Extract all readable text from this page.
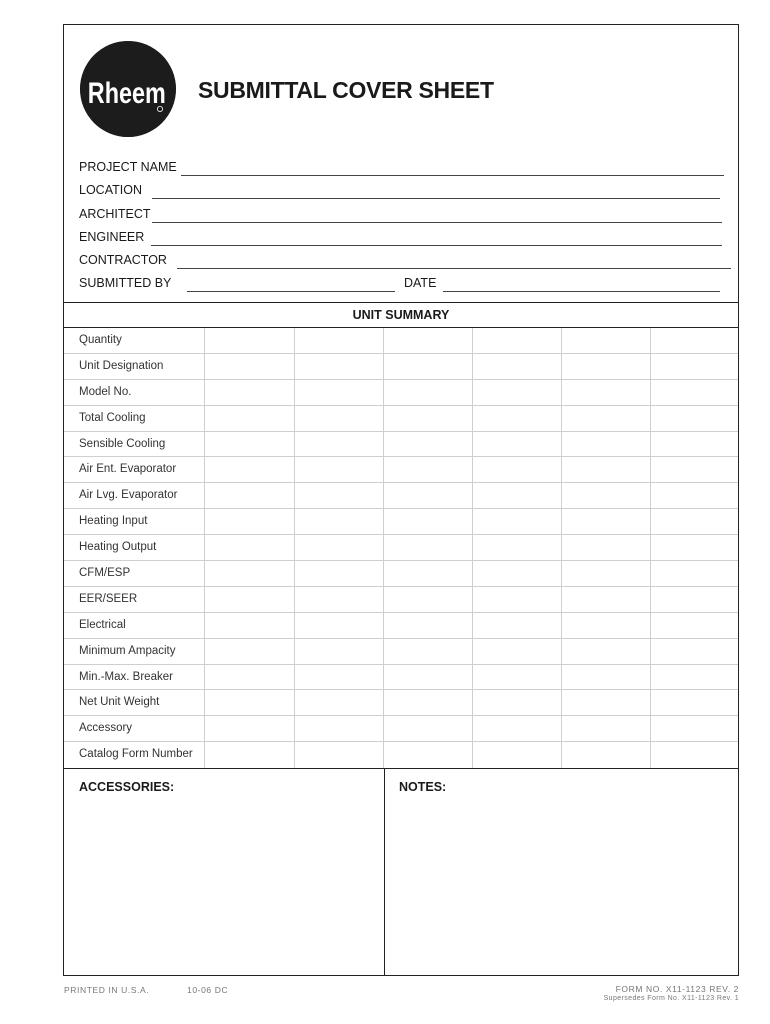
Rheem SUBMITTAL COVER SHEET
PROJECT NAME
LOCATION
ARCHITECT
ENGINEER
CONTRACTOR
SUBMITTED BY	DATE
UNIT SUMMARY
Quantity
Unit Designation
Model No.
Total Cooling
Sensible Cooling
Air Ent. Evaporator
Air Lvg. Evaporator
Heating Input
Heating Output
CFM/ESP
EER/SEER
Electrical
Minimum Ampacity
Min.-Max. Breaker
Net Unit Weight
Accessory
Catalog Form Number
ACCESSORIES:	NOTES:
PRINTED IN U.S.A.	10-06 DC	FORM NO. X11-1123 REV. 2
Supersedes Form No. X11-1123 Rev. 1
